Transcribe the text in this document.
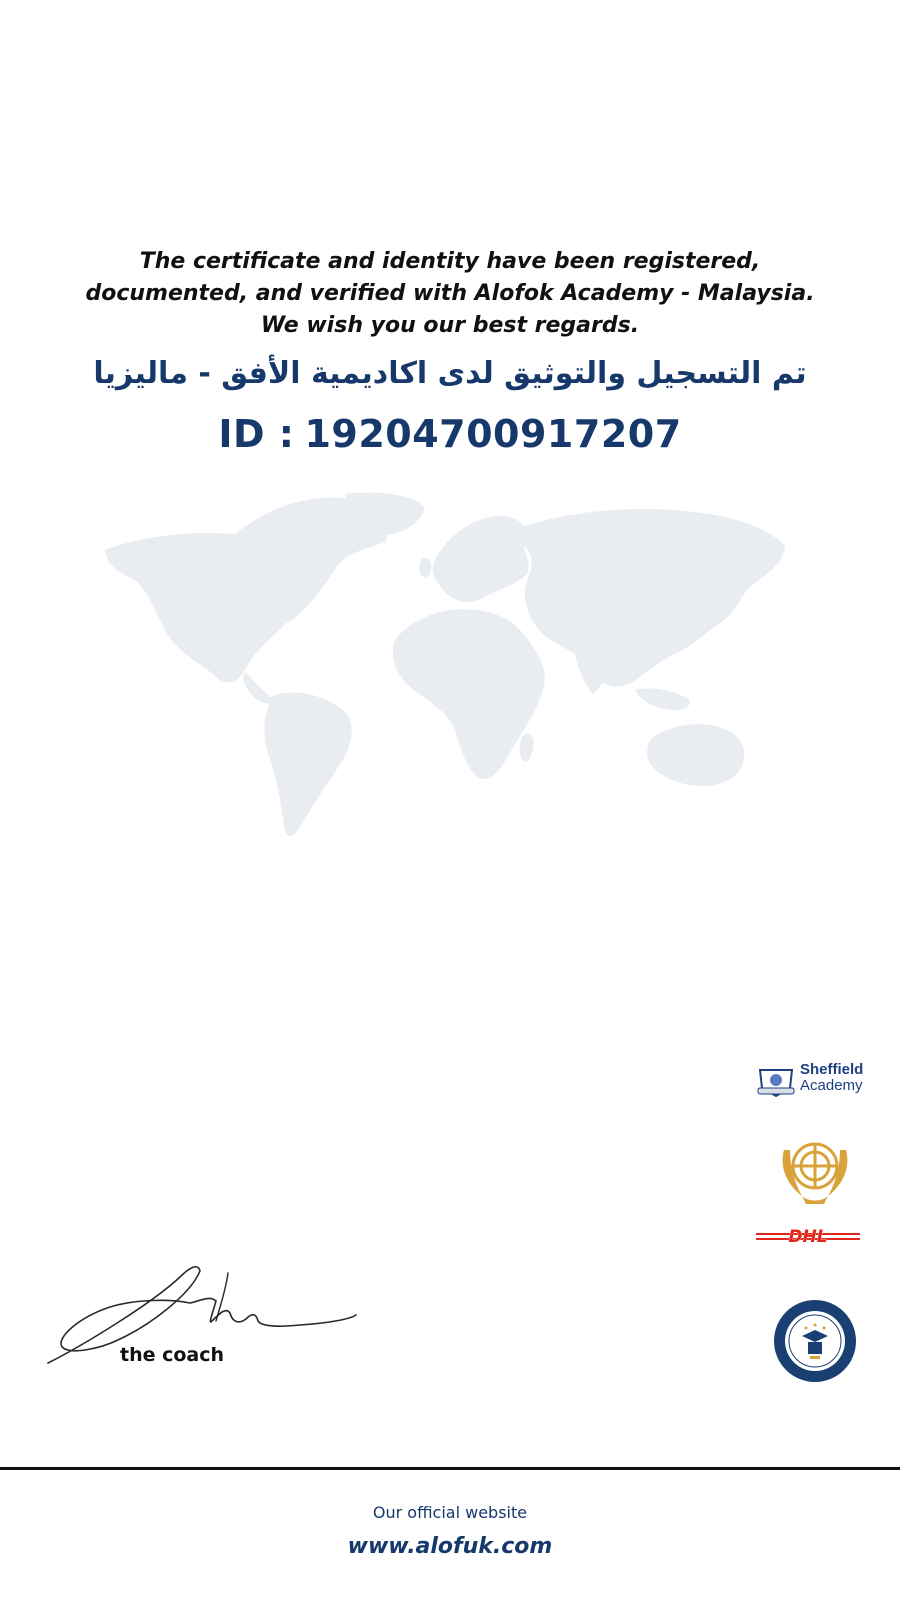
The certificate and identity have been registered,
documented, and verified with Alofok Academy - Malaysia.
We wish you our best regards.
تم التسجيل والتوثيق لدى اكاديمية الأفق - ماليزيا
ID : 19204700917207
Sheffield
Academy
DHL
the coach
Our official website
www.alofuk.com
